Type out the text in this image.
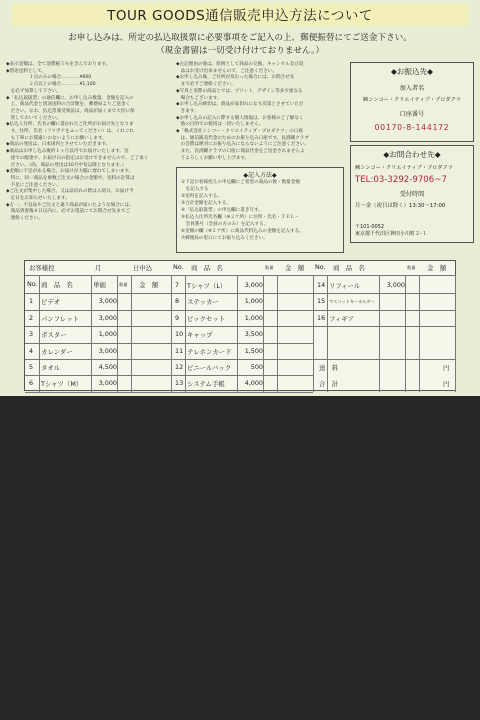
TOUR GOODS通信販売申込方法について
お申し込みは、所定の払込取扱票に必要事項をご記入の上、郵便振替にてご送金下さい。
（現金書留は一切受け付けておりません。）
◆表示金額は、全て消費税５％を含んでおります。
◆別途送料として、
　　　　　１点のみの場合…………¥800
　　　　　２点以上の場合…………¥1,100
　を必ず加算して下さい。
◆「払込取扱票」の通信欄に、お申し込み数量、金額を記入の
　上、商品代金と別途送料の合計額を、郵便局よりご送金く
　ださい。なお、払込票兼受領証は、商品が届くまで大切に保
　管しておいてください。
◆払込人住所、氏名の欄に書かれたご住所がお届け先となりま
　す。住所、氏名（フリガナをふってください）は、くれぐれ
　も丁寧にお間違いのないようにお願いします。
◆商品の発送は、日本国内とさせていただきます。
◆商品はお申し込み後約１ヶ月以内でお届けいたします。送
　達での配達や、お届け日の指定はお受けできませんので、ご了承く
　ださい。（尚、商品の発送は10月中旬以降となります。）
◆金額に不足がある場合、お届けが大幅に遅れてしまいます。
　特に、同一商品を複数ご注文の場合の金額や、送料の計算は
　不足にご注意ください。
◆ご注文が集中した場合、又は品切れの際は入荷日、お届け予
　定日をお知らせいたします。
◆万一、不良品やご注文と違う商品が届いたような場合には、
　商品到着後８日以内に、必ずお電話にてお問合せ先までご
　連絡ください。
◆左記理由の他は、原則として商品の交換、キャンセル及び返
　品はお受け出来ませんので、ご注意ください。
◆お申し込み後、ご住所が変わった場合には、お問合せ先
　まで必ずご連絡ください。
◆写真と実際の商品とでは、プリント、デザイン等多少異なる
　場合もございます。
◆お申し込み締切は、商品が品切れになり次第とさせていただ
　きます。
◆お申し込みの記入に際する個人情報は、お客様のご了解なく
　他の目的での使用は一切いたしません。
◆「株式会社シンコー・クリエイティブ・プロダクツ」の口座
　は、通信販売代金のためのお振り込み口座です。長渕剛クラブ
　の会費は絶対にお振り込みにならないようにご注意ください。
　また、長渕剛クラブの口座に商品代金をご送金されませんよ
　うよろしくお願い申し上げます。
◆記入方法◆
①下記お客様控えの申込欄にご希望の商品の数・数量金額
　を記入する
②送料を記入する。
③合計金額を記入する。
④「払込取扱票」の申込欄に書き写す。
⑤払込人住所氏名欄（※２ケ所）に住所・氏名・ＴＥＬ・
　会員番号（会員の方のみ）を記入する。
⑥金額の欄（※２ケ所）に商品代料込みの金額を記入する。
⑦郵便局の窓口にてお振り込みください。
◆お振込先◆
加入者名
㈱シンコー・クリエイティブ・プロダクツ
口座番号
00170-8-144172
◆お問合わせ先◆
㈱シンコー・クリエイティブ・プロダクツ
TEL:03-3292-9706~7
受付時間
月～金（祝日は除く）13:30～17:00
〒101-0052
東京都千代田区神田小川町２-１
お客様控	月	日申込
No. 商　品　名	単価	数量 金　額
1 ビデオ	3,000
2 パンフレット	3,000
3 ポスター	1,000
4 カレンダー	3,000
5 タオル	4,500
6 Tシャツ（M）	3,000
No. 商　品　名	数量 金　額
7 Tシャツ（L）	3,000
8 ステッカー	1,000
9 ピックセット	1,000
10 キャップ	3,500
11 テレホンカード	1,500
12 ビニールバック	500
13 システム手帳	4,000
No. 商　品　名	数量 金　額
14 リフィール	3,000
15 マスコットキーホルダー
16 フィギア
送　料	円
合　計	円
